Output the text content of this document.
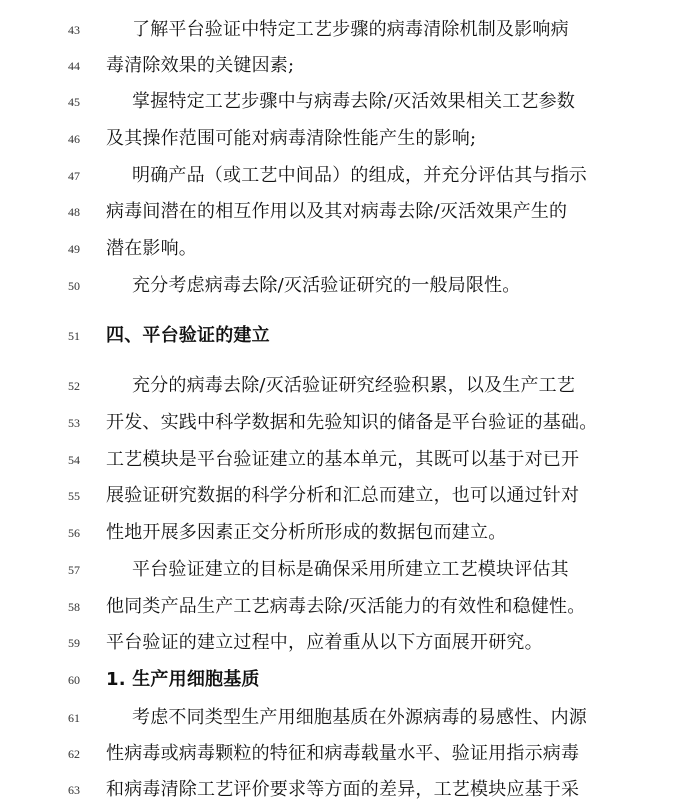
43	了解平台验证中特定工艺步骤的病毒清除机制及影响病
44	毒清除效果的关键因素;
45	掌握特定工艺步骤中与病毒去除/灭活效果相关工艺参数
46	及其操作范围可能对病毒清除性能产生的影响;
47	明确产品（或工艺中间品）的组成，并充分评估其与指示
48	病毒间潜在的相互作用以及其对病毒去除/灭活效果产生的
49	潜在影响。
50	充分考虑病毒去除/灭活验证研究的一般局限性。
51	四、平台验证的建立
52	充分的病毒去除/灭活验证研究经验积累，以及生产工艺
53	开发、实践中科学数据和先验知识的储备是平台验证的基础。
54	工艺模块是平台验证建立的基本单元，其既可以基于对已开
55	展验证研究数据的科学分析和汇总而建立，也可以通过针对
56	性地开展多因素正交分析所形成的数据包而建立。
57	平台验证建立的目标是确保采用所建立工艺模块评估其
58	他同类产品生产工艺病毒去除/灭活能力的有效性和稳健性。
59	平台验证的建立过程中，应着重从以下方面展开研究。
60	1. 生产用细胞基质
61	考虑不同类型生产用细胞基质在外源病毒的易感性、内源
62	性病毒或病毒颗粒的特征和病毒载量水平、验证用指示病毒
63	和病毒清除工艺评价要求等方面的差异，工艺模块应基于采
